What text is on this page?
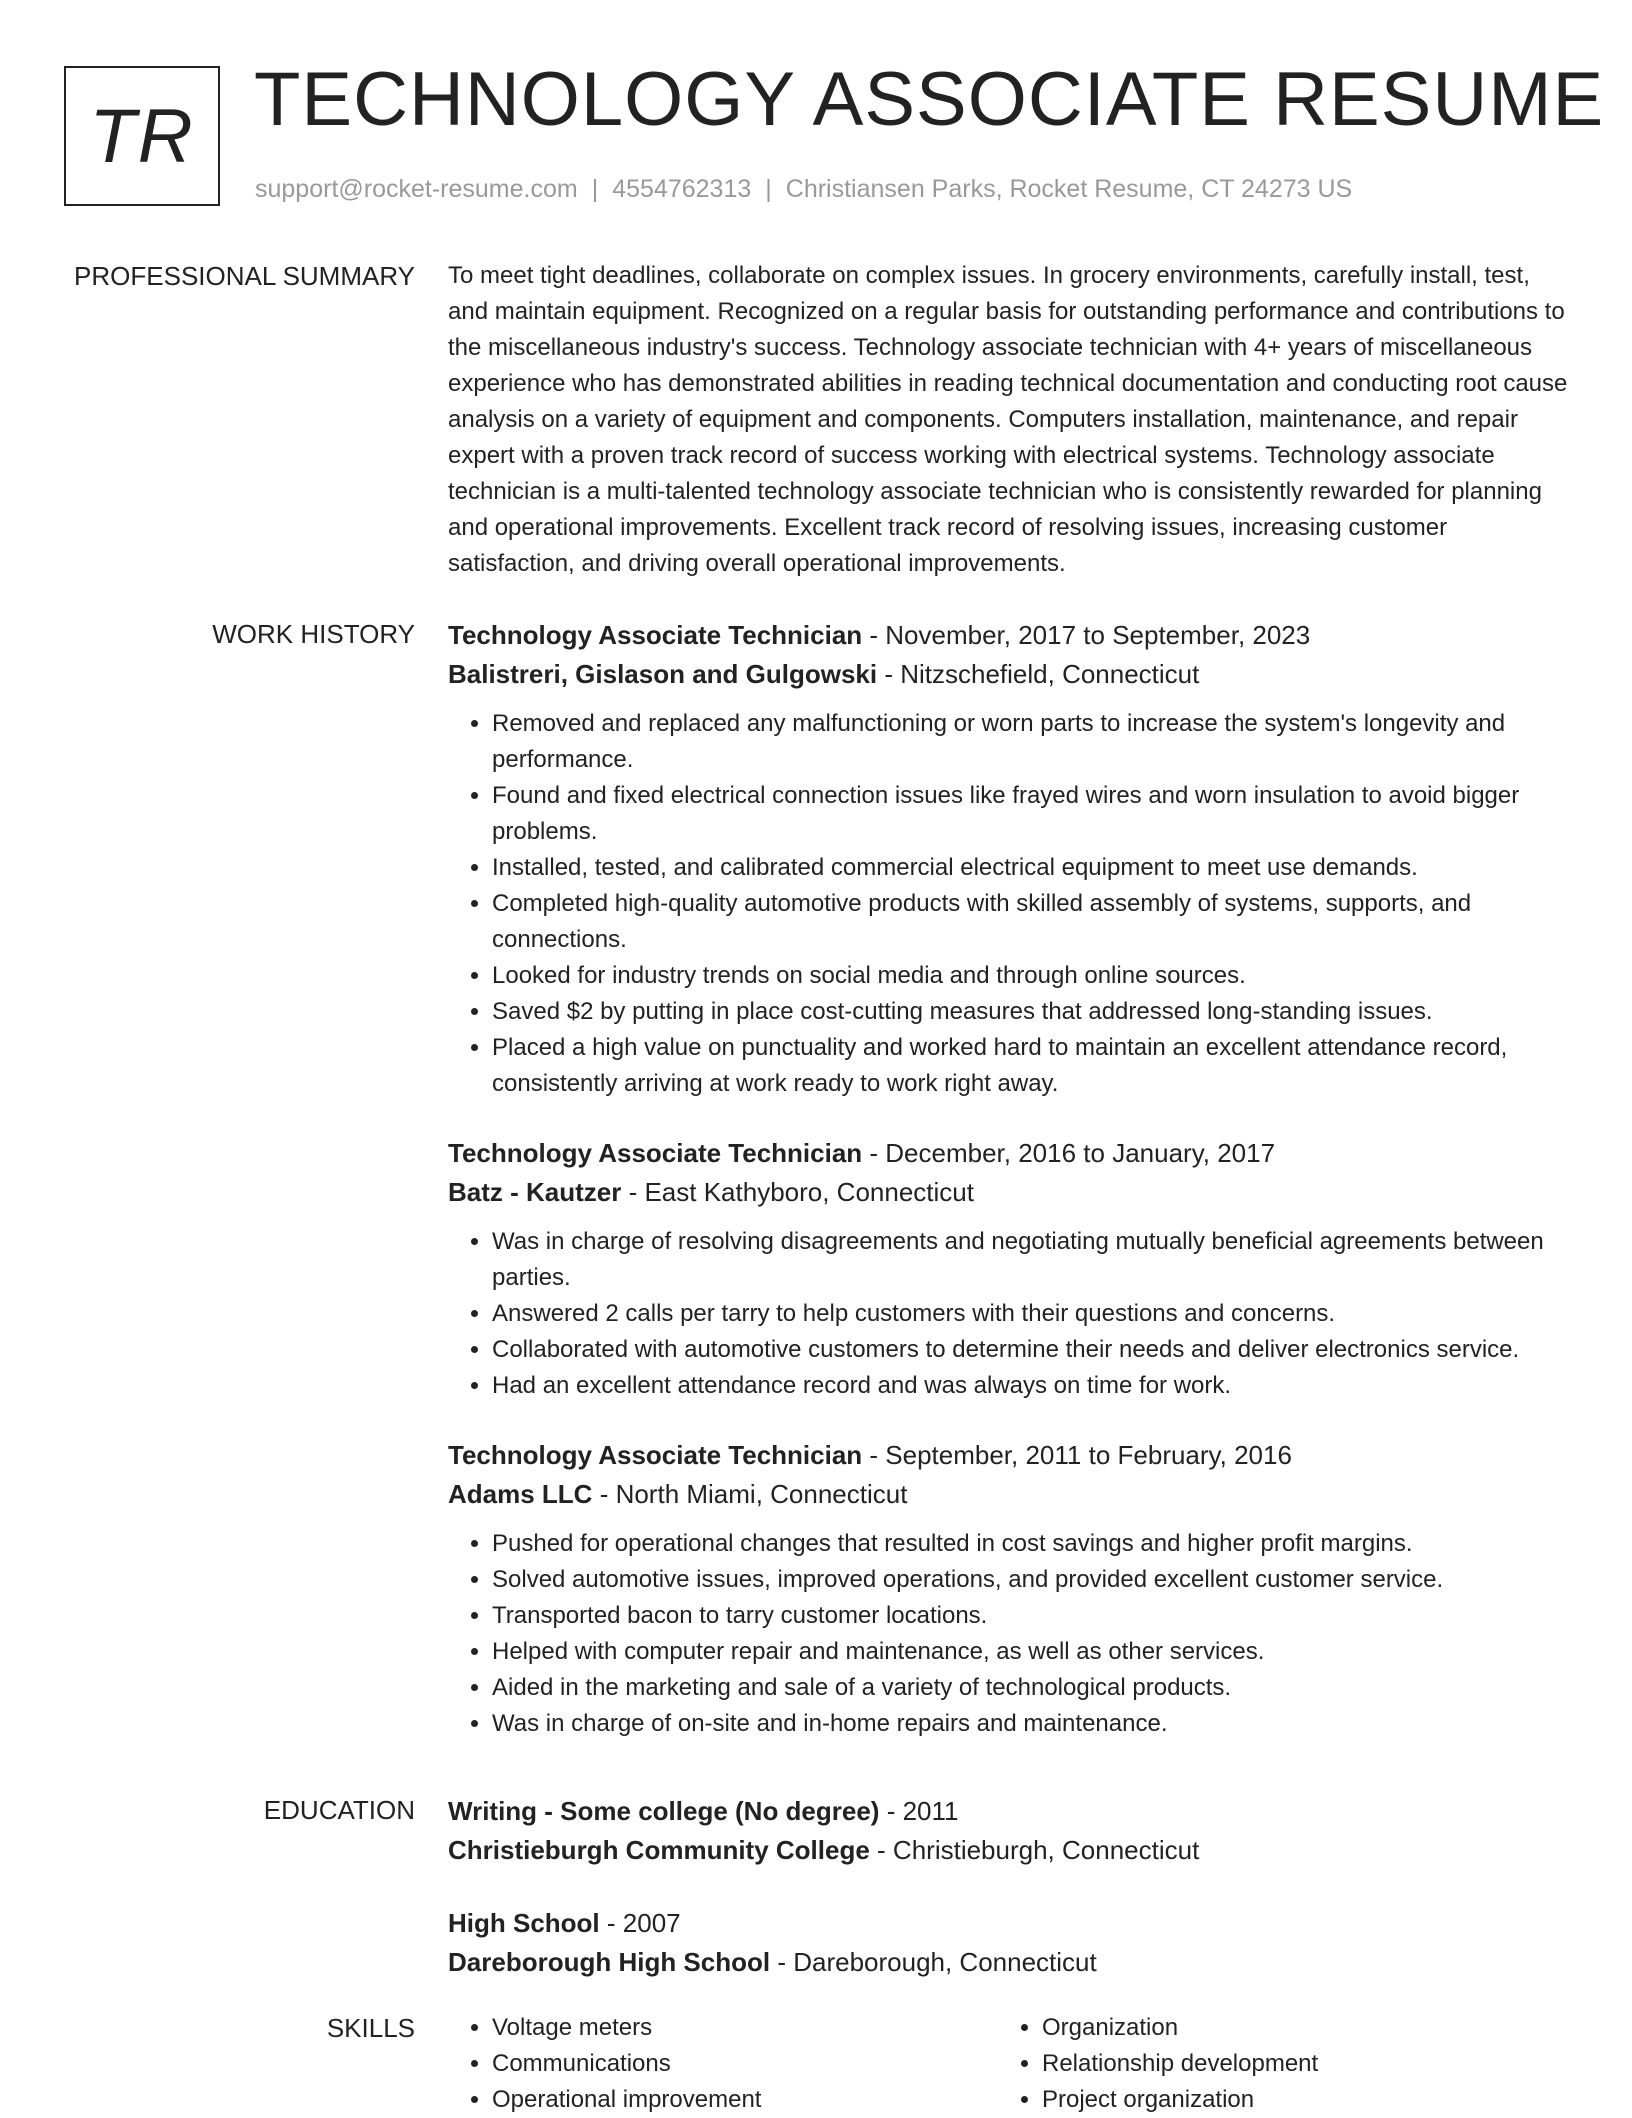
TR TECHNOLOGY ASSOCIATE RESUME
support@rocket-resume.com | 4554762313 | Christiansen Parks, Rocket Resume, CT 24273 US
PROFESSIONAL SUMMARY To meet tight deadlines, collaborate on complex issues. In grocery environments, carefully install, test, and maintain equipment. Recognized on a regular basis for outstanding performance and contributions to the miscellaneous industry's success. Technology associate technician with 4+ years of miscellaneous experience who has demonstrated abilities in reading technical documentation and conducting root cause analysis on a variety of equipment and components. Computers installation, maintenance, and repair expert with a proven track record of success working with electrical systems. Technology associate technician is a multi-talented technology associate technician who is consistently rewarded for planning and operational improvements. Excellent track record of resolving issues, increasing customer satisfaction, and driving overall operational improvements.

WORK HISTORY Technology Associate Technician - November, 2017 to September, 2023
Balistreri, Gislason and Gulgowski - Nitzschefield, Connecticut
• Removed and replaced any malfunctioning or worn parts to increase the system's longevity and performance.
• Found and fixed electrical connection issues like frayed wires and worn insulation to avoid bigger problems.
• Installed, tested, and calibrated commercial electrical equipment to meet use demands.
• Completed high-quality automotive products with skilled assembly of systems, supports, and connections.
• Looked for industry trends on social media and through online sources.
• Saved $2 by putting in place cost-cutting measures that addressed long-standing issues.
• Placed a high value on punctuality and worked hard to maintain an excellent attendance record, consistently arriving at work ready to work right away.
Technology Associate Technician - December, 2016 to January, 2017
Batz - Kautzer - East Kathyboro, Connecticut
• Was in charge of resolving disagreements and negotiating mutually beneficial agreements between parties.
• Answered 2 calls per tarry to help customers with their questions and concerns.
• Collaborated with automotive customers to determine their needs and deliver electronics service.
• Had an excellent attendance record and was always on time for work.
Technology Associate Technician - September, 2011 to February, 2016
Adams LLC - North Miami, Connecticut
• Pushed for operational changes that resulted in cost savings and higher profit margins.
• Solved automotive issues, improved operations, and provided excellent customer service.
• Transported bacon to tarry customer locations.
• Helped with computer repair and maintenance, as well as other services.
• Aided in the marketing and sale of a variety of technological products.
• Was in charge of on-site and in-home repairs and maintenance.
EDUCATION Writing - Some college (No degree) - 2011
Christieburgh Community College - Christieburgh, Connecticut
High School - 2007
Dareborough High School - Dareborough, Connecticut
SKILLS
•	Voltage meters
• Communications
• Operational improvement
• Organization
• Relationship development
• Project organization
